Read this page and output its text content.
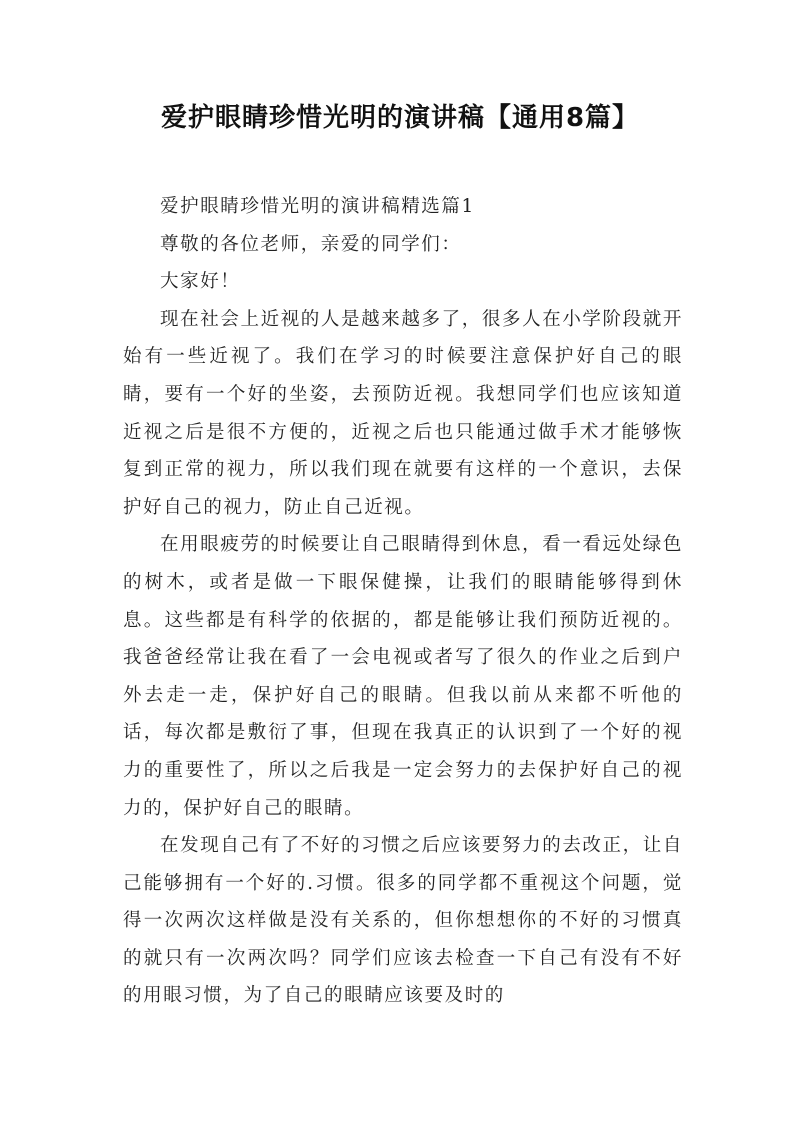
爱护眼睛珍惜光明的演讲稿【通用8篇】

爱护眼睛珍惜光明的演讲稿精选篇1

尊敬的各位老师，亲爱的同学们：

大家好！

现在社会上近视的人是越来越多了，很多人在小学阶段就开始有一些近视了。我们在学习的时候要注意保护好自己的眼睛，要有一个好的坐姿，去预防近视。我想同学们也应该知道近视之后是很不方便的，近视之后也只能通过做手术才能够恢复到正常的视力，所以我们现在就要有这样的一个意识，去保护好自己的视力，防止自己近视。

在用眼疲劳的时候要让自己眼睛得到休息，看一看远处绿色的树木，或者是做一下眼保健操，让我们的眼睛能够得到休息。这些都是有科学的依据的，都是能够让我们预防近视的。我爸爸经常让我在看了一会电视或者写了很久的作业之后到户外去走一走，保护好自己的眼睛。但我以前从来都不听他的话，每次都是敷衍了事，但现在我真正的认识到了一个好的视力的重要性了，所以之后我是一定会努力的去保护好自己的视力的，保护好自己的眼睛。

在发现自己有了不好的习惯之后应该要努力的去改正，让自己能够拥有一个好的.习惯。很多的同学都不重视这个问题，觉得一次两次这样做是没有关系的，但你想想你的不好的习惯真的就只有一次两次吗？同学们应该去检查一下自己有没有不好的用眼习惯，为了自己的眼睛应该要及时的
